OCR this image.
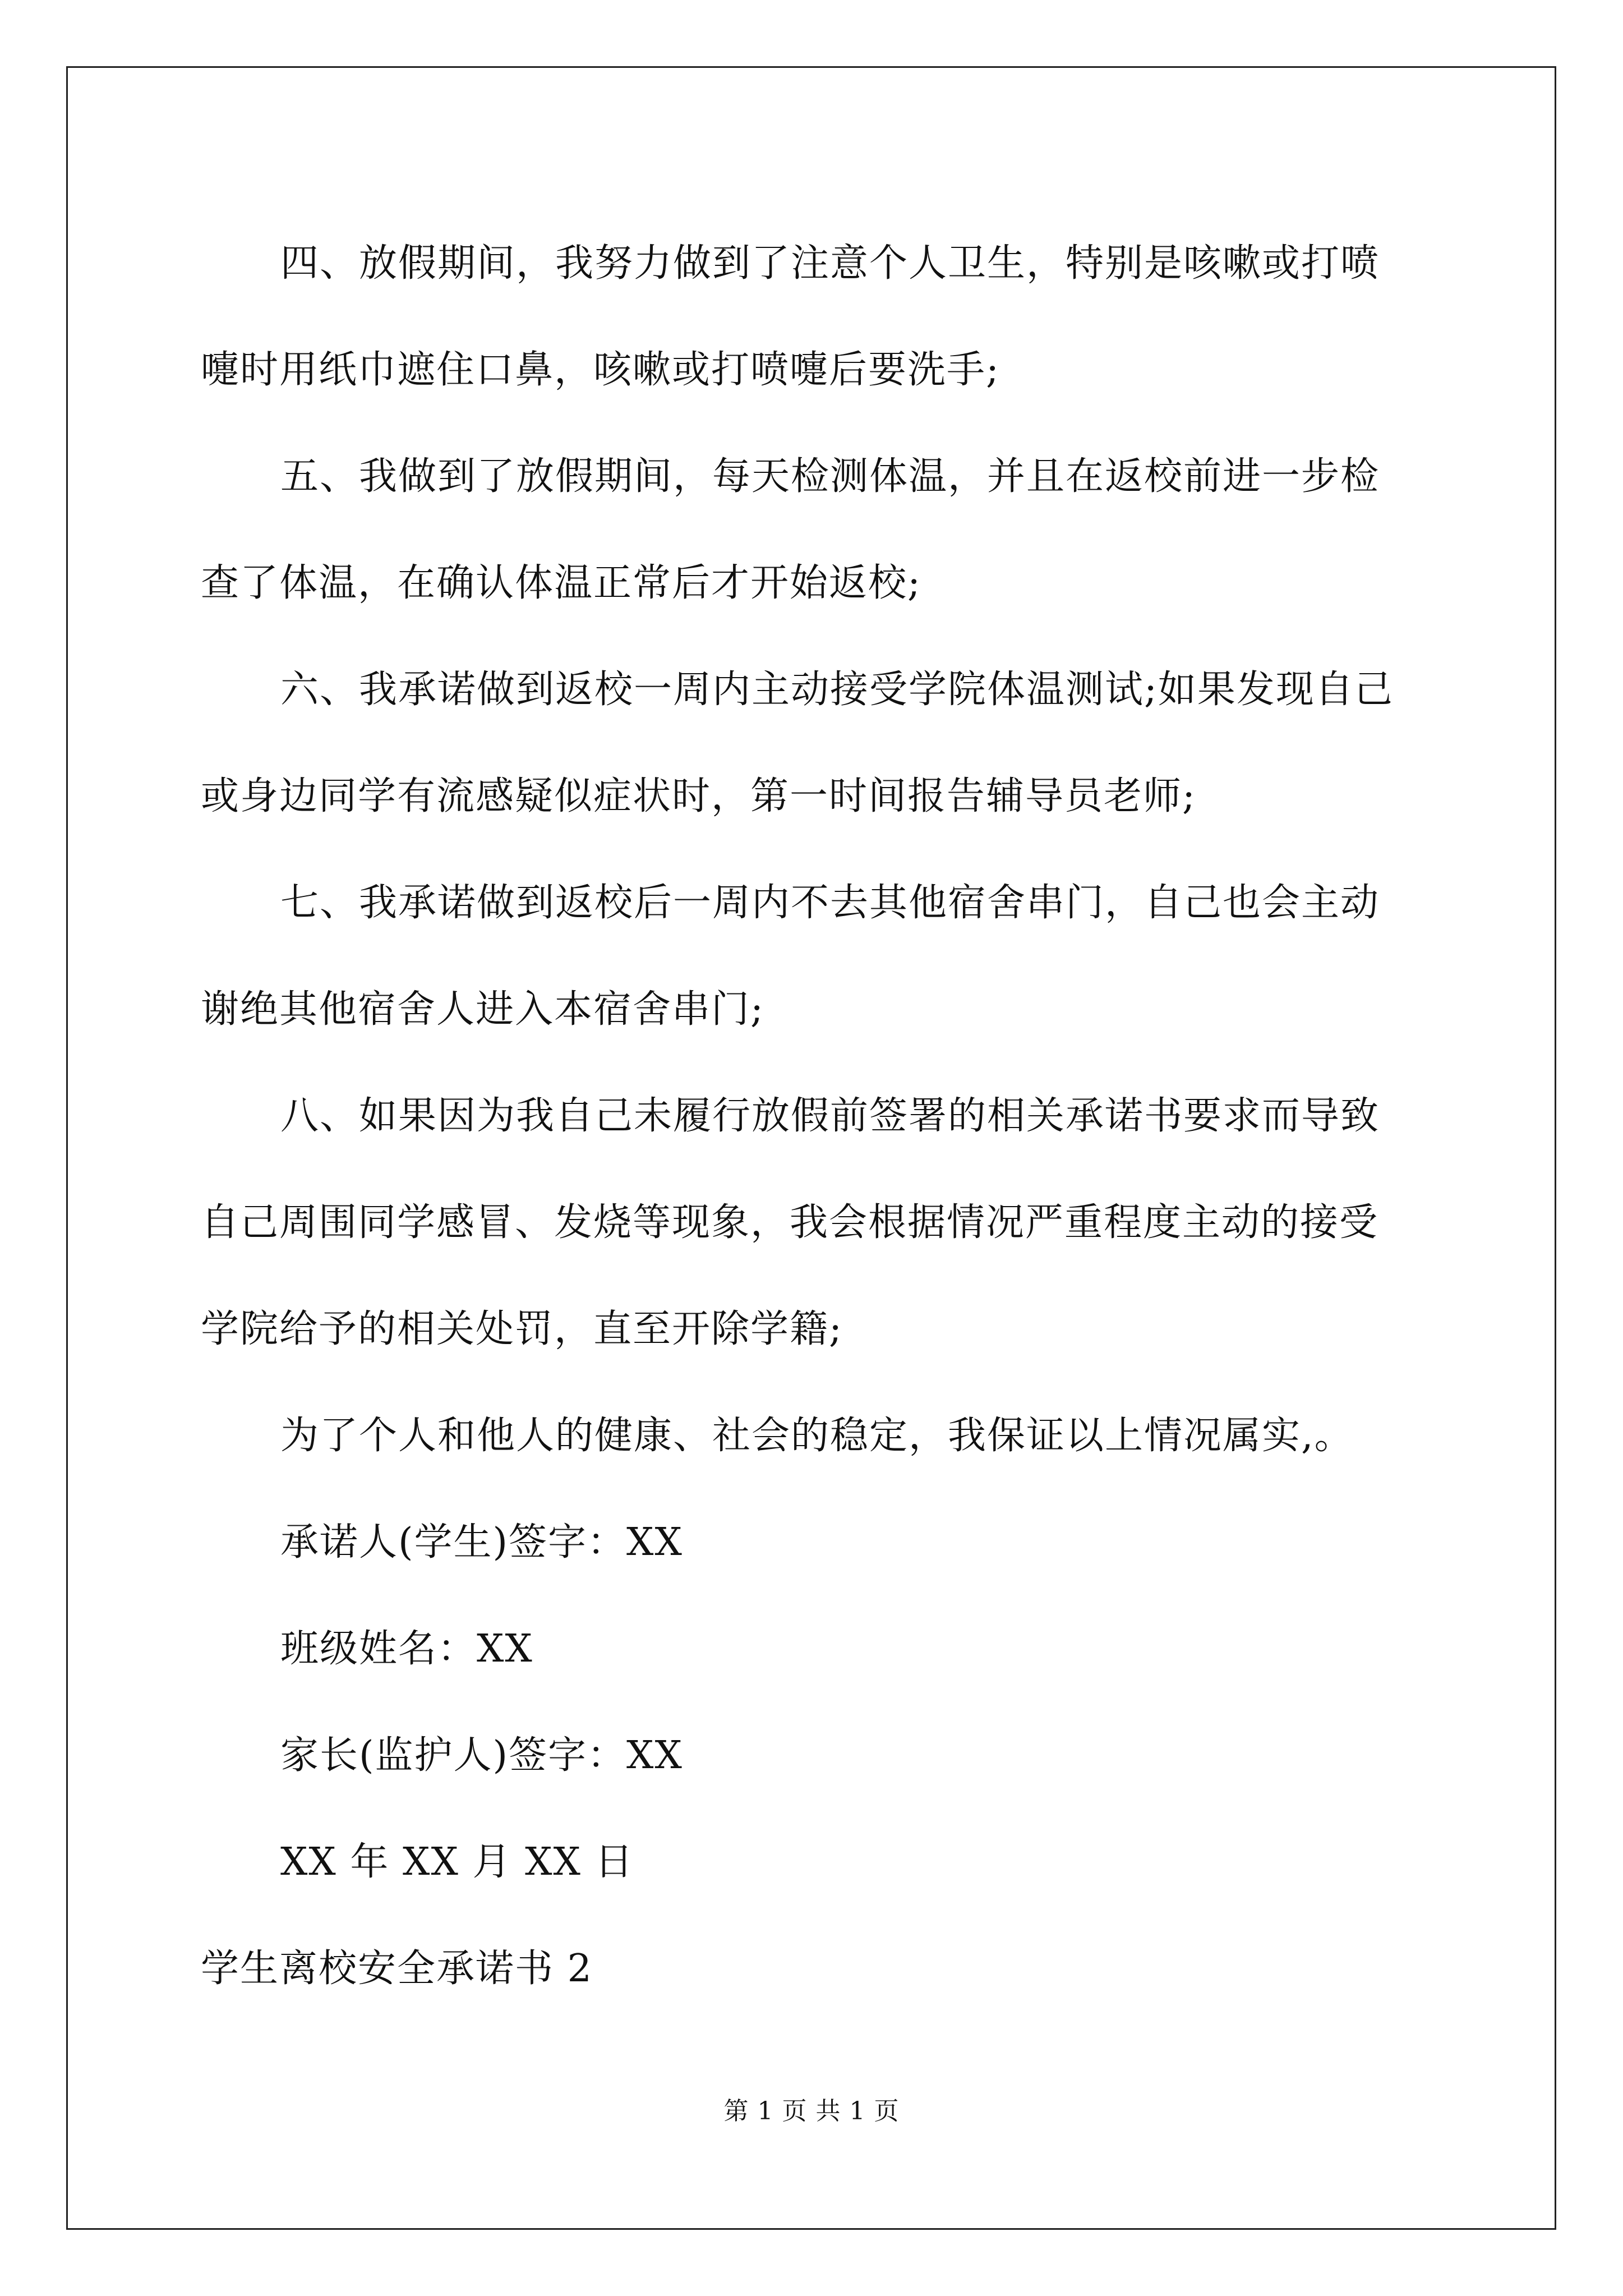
四、放假期间，我努力做到了注意个人卫生，特别是咳嗽或打喷
嚏时用纸巾遮住口鼻，咳嗽或打喷嚏后要洗手;

五、我做到了放假期间，每天检测体温，并且在返校前进一步检
查了体温，在确认体温正常后才开始返校;

六、我承诺做到返校一周内主动接受学院体温测试;如果发现自己
或身边同学有流感疑似症状时，第一时间报告辅导员老师;

七、我承诺做到返校后一周内不去其他宿舍串门，自己也会主动
谢绝其他宿舍人进入本宿舍串门;

八、如果因为我自己未履行放假前签署的相关承诺书要求而导致
自己周围同学感冒、发烧等现象，我会根据情况严重程度主动的接受
学院给予的相关处罚，直至开除学籍;

为了个人和他人的健康、社会的稳定，我保证以上情况属实,。

承诺人(学生)签字：XX

班级姓名：XX

家长(监护人)签字：XX

XX 年 XX 月 XX 日

学生离校安全承诺书 2

第 1 页 共 1 页
